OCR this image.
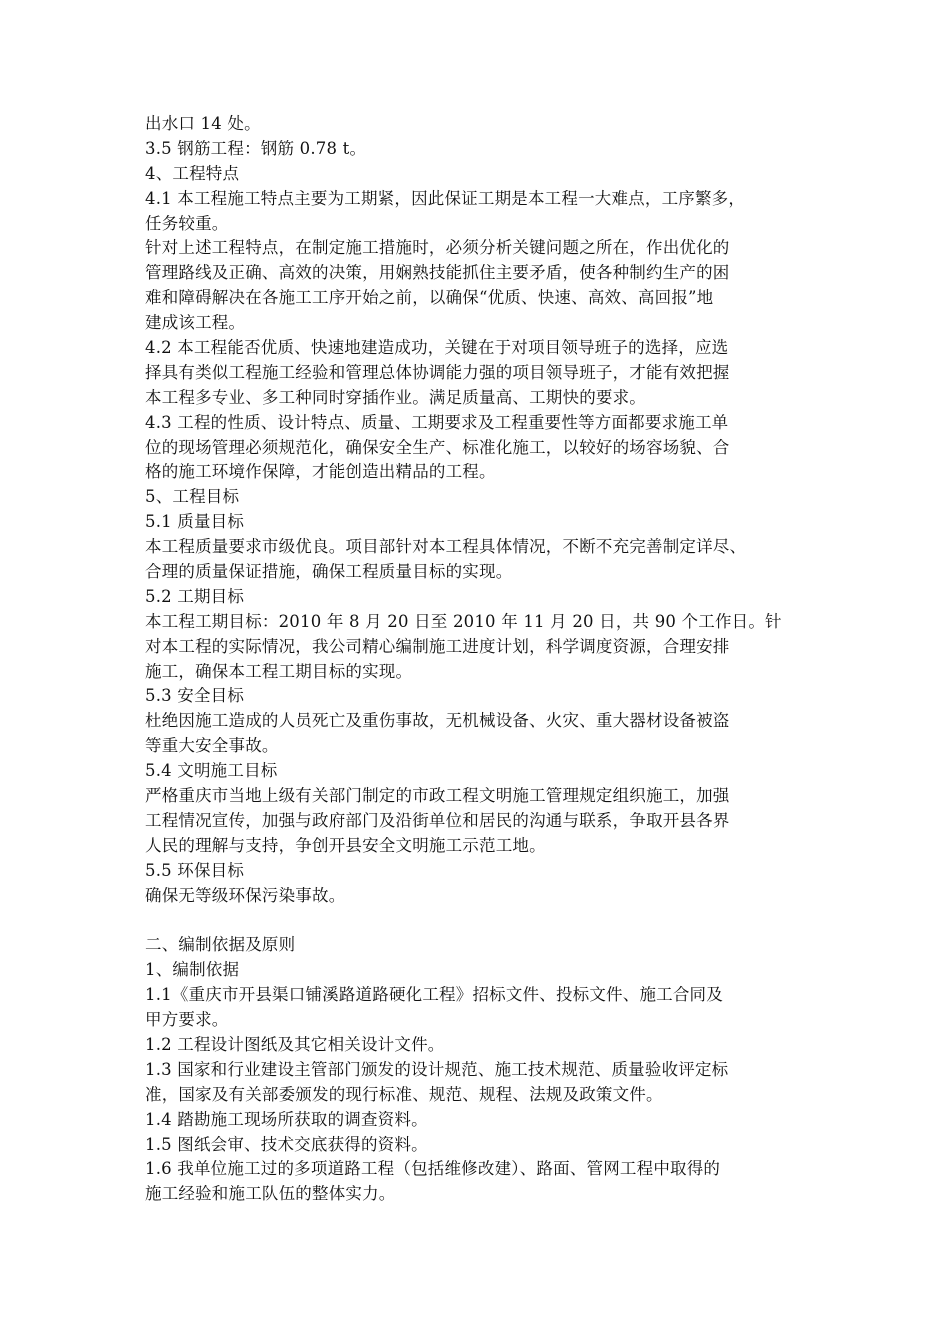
出水口 14 处。
3.5 钢筋工程：钢筋 0.78 t。
4、工程特点
4.1 本工程施工特点主要为工期紧，因此保证工期是本工程一大难点，工序繁多，
任务较重。
针对上述工程特点，在制定施工措施时，必须分析关键问题之所在，作出优化的
管理路线及正确、高效的决策，用娴熟技能抓住主要矛盾，使各种制约生产的困
难和障碍解决在各施工工序开始之前，以确保“优质、快速、高效、高回报”地
建成该工程。
4.2 本工程能否优质、快速地建造成功，关键在于对项目领导班子的选择，应选
择具有类似工程施工经验和管理总体协调能力强的项目领导班子，才能有效把握
本工程多专业、多工种同时穿插作业。满足质量高、工期快的要求。
4.3 工程的性质、设计特点、质量、工期要求及工程重要性等方面都要求施工单
位的现场管理必须规范化，确保安全生产、标准化施工，以较好的场容场貌、合
格的施工环境作保障，才能创造出精品的工程。
5、工程目标
5.1 质量目标
本工程质量要求市级优良。项目部针对本工程具体情况，不断不充完善制定详尽、
合理的质量保证措施，确保工程质量目标的实现。
5.2 工期目标
本工程工期目标：2010 年 8 月 20 日至 2010 年 11 月 20 日，共 90 个工作日。针
对本工程的实际情况，我公司精心编制施工进度计划，科学调度资源，合理安排
施工，确保本工程工期目标的实现。
5.3 安全目标
杜绝因施工造成的人员死亡及重伤事故，无机械设备、火灾、重大器材设备被盗
等重大安全事故。
5.4 文明施工目标
严格重庆市当地上级有关部门制定的市政工程文明施工管理规定组织施工，加强
工程情况宣传，加强与政府部门及沿街单位和居民的沟通与联系，争取开县各界
人民的理解与支持，争创开县安全文明施工示范工地。
5.5 环保目标
确保无等级环保污染事故。
二、编制依据及原则
1、编制依据
1.1《重庆市开县渠口铺溪路道路硬化工程》招标文件、投标文件、施工合同及
甲方要求。
1.2 工程设计图纸及其它相关设计文件。
1.3 国家和行业建设主管部门颁发的设计规范、施工技术规范、质量验收评定标
准，国家及有关部委颁发的现行标准、规范、规程、法规及政策文件。
1.4 踏勘施工现场所获取的调查资料。
1.5 图纸会审、技术交底获得的资料。
1.6 我单位施工过的多项道路工程（包括维修改建）、路面、管网工程中取得的
施工经验和施工队伍的整体实力。
